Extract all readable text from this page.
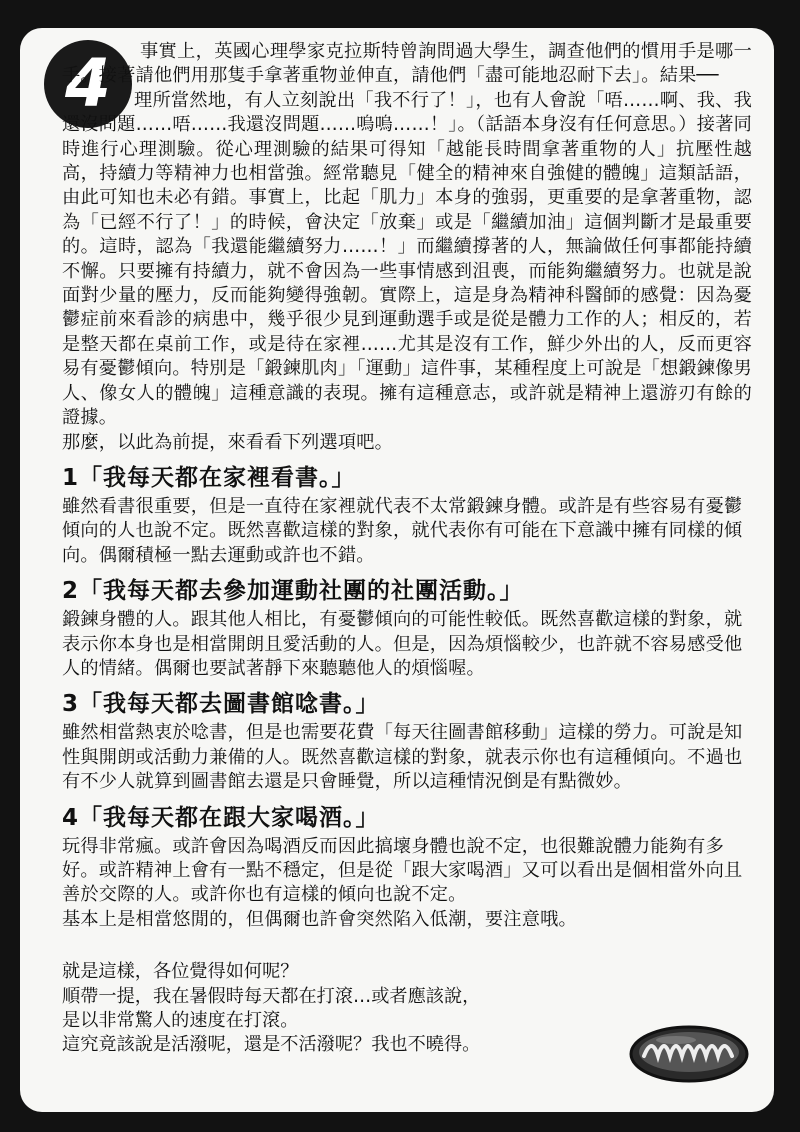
4	事實上，英國心理學家克拉斯特曾詢問過大學生，調查他們的慣用手是哪一手。接著請他們用那隻手拿著重物並伸直，請他們「盡可能地忍耐下去」。結果──

理所當然地，有人立刻說出「我不行了！」，也有人會說「唔……啊、我、我還沒問題……唔……我還沒問題……嗚嗚……！」。（話語本身沒有任何意思。）接著同時進行心理測驗。從心理測驗的結果可得知「越能長時間拿著重物的人」抗壓性越高，持續力等精神力也相當強。經常聽見「健全的精神來自強健的體魄」這類話語，由此可知也未必有錯。事實上，比起「肌力」本身的強弱，更重要的是拿著重物，認為「已經不行了！」的時候，會決定「放棄」或是「繼續加油」這個判斷才是最重要的。這時，認為「我還能繼續努力……！」而繼續撐著的人，無論做任何事都能持續不懈。只要擁有持續力，就不會因為一些事情感到沮喪，而能夠繼續努力。也就是說面對少量的壓力，反而能夠變得強韌。實際上，這是身為精神科醫師的感覺：因為憂鬱症前來看診的病患中，幾乎很少見到運動選手或是從是體力工作的人；相反的，若是整天都在桌前工作，或是待在家裡……尤其是沒有工作，鮮少外出的人，反而更容易有憂鬱傾向。特別是「鍛鍊肌肉」「運動」這件事，某種程度上可說是「想鍛鍊像男人、像女人的體魄」這種意識的表現。擁有這種意志，或許就是精神上還游刃有餘的證據。

那麼，以此為前提，來看看下列選項吧。

1「我每天都在家裡看書。」

雖然看書很重要，但是一直待在家裡就代表不太常鍛鍊身體。或許是有些容易有憂鬱傾向的人也說不定。既然喜歡這樣的對象，就代表你有可能在下意識中擁有同樣的傾向。偶爾積極一點去運動或許也不錯。

2「我每天都去參加運動社團的社團活動。」

鍛鍊身體的人。跟其他人相比，有憂鬱傾向的可能性較低。既然喜歡這樣的對象，就表示你本身也是相當開朗且愛活動的人。但是，因為煩惱較少，也許就不容易感受他人的情緒。偶爾也要試著靜下來聽聽他人的煩惱喔。

3「我每天都去圖書館唸書。」

雖然相當熱衷於唸書，但是也需要花費「每天往圖書館移動」這樣的勞力。可說是知性與開朗或活動力兼備的人。既然喜歡這樣的對象，就表示你也有這種傾向。不過也有不少人就算到圖書館去還是只會睡覺，所以這種情況倒是有點微妙。

4「我每天都在跟大家喝酒。」

玩得非常瘋。或許會因為喝酒反而因此搞壞身體也說不定，也很難說體力能夠有多好。或許精神上會有一點不穩定，但是從「跟大家喝酒」又可以看出是個相當外向且善於交際的人。或許你也有這樣的傾向也說不定。

基本上是相當悠閒的，但偶爾也許會突然陷入低潮，要注意哦。

就是這樣，各位覺得如何呢？

順帶一提，我在暑假時每天都在打滾…或者應該說，

是以非常驚人的速度在打滾。

這究竟該說是活潑呢，還是不活潑呢？我也不曉得。
